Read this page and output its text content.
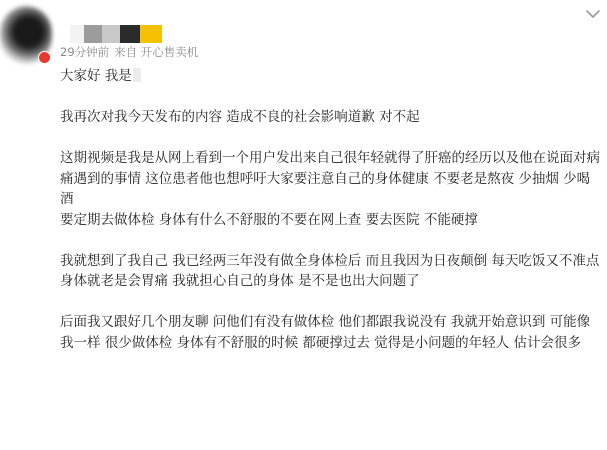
29分钟前 来自 开心售卖机

大家好 我是

我再次对我今天发布的内容 造成不良的社会影响道歉 对不起

这期视频是我是从网上看到一个用户发出来自己很年轻就得了肝癌的经历以及他在说面对病痛遇到的事情 这位患者他也想呼吁大家要注意自己的身体健康 不要老是熬夜 少抽烟 少喝酒

要定期去做体检 身体有什么不舒服的不要在网上查 要去医院 不能硬撑

我就想到了我自己 我已经两三年没有做全身体检后 而且我因为日夜颠倒 每天吃饭又不准点 身体就老是会胃痛 我就担心自己的身体 是不是也出大问题了

后面我又跟好几个朋友聊 问他们有没有做体检 他们都跟我说没有 我就开始意识到 可能像我一样 很少做体检 身体有不舒服的时候 都硬撑过去 觉得是小问题的年轻人 估计会很多
